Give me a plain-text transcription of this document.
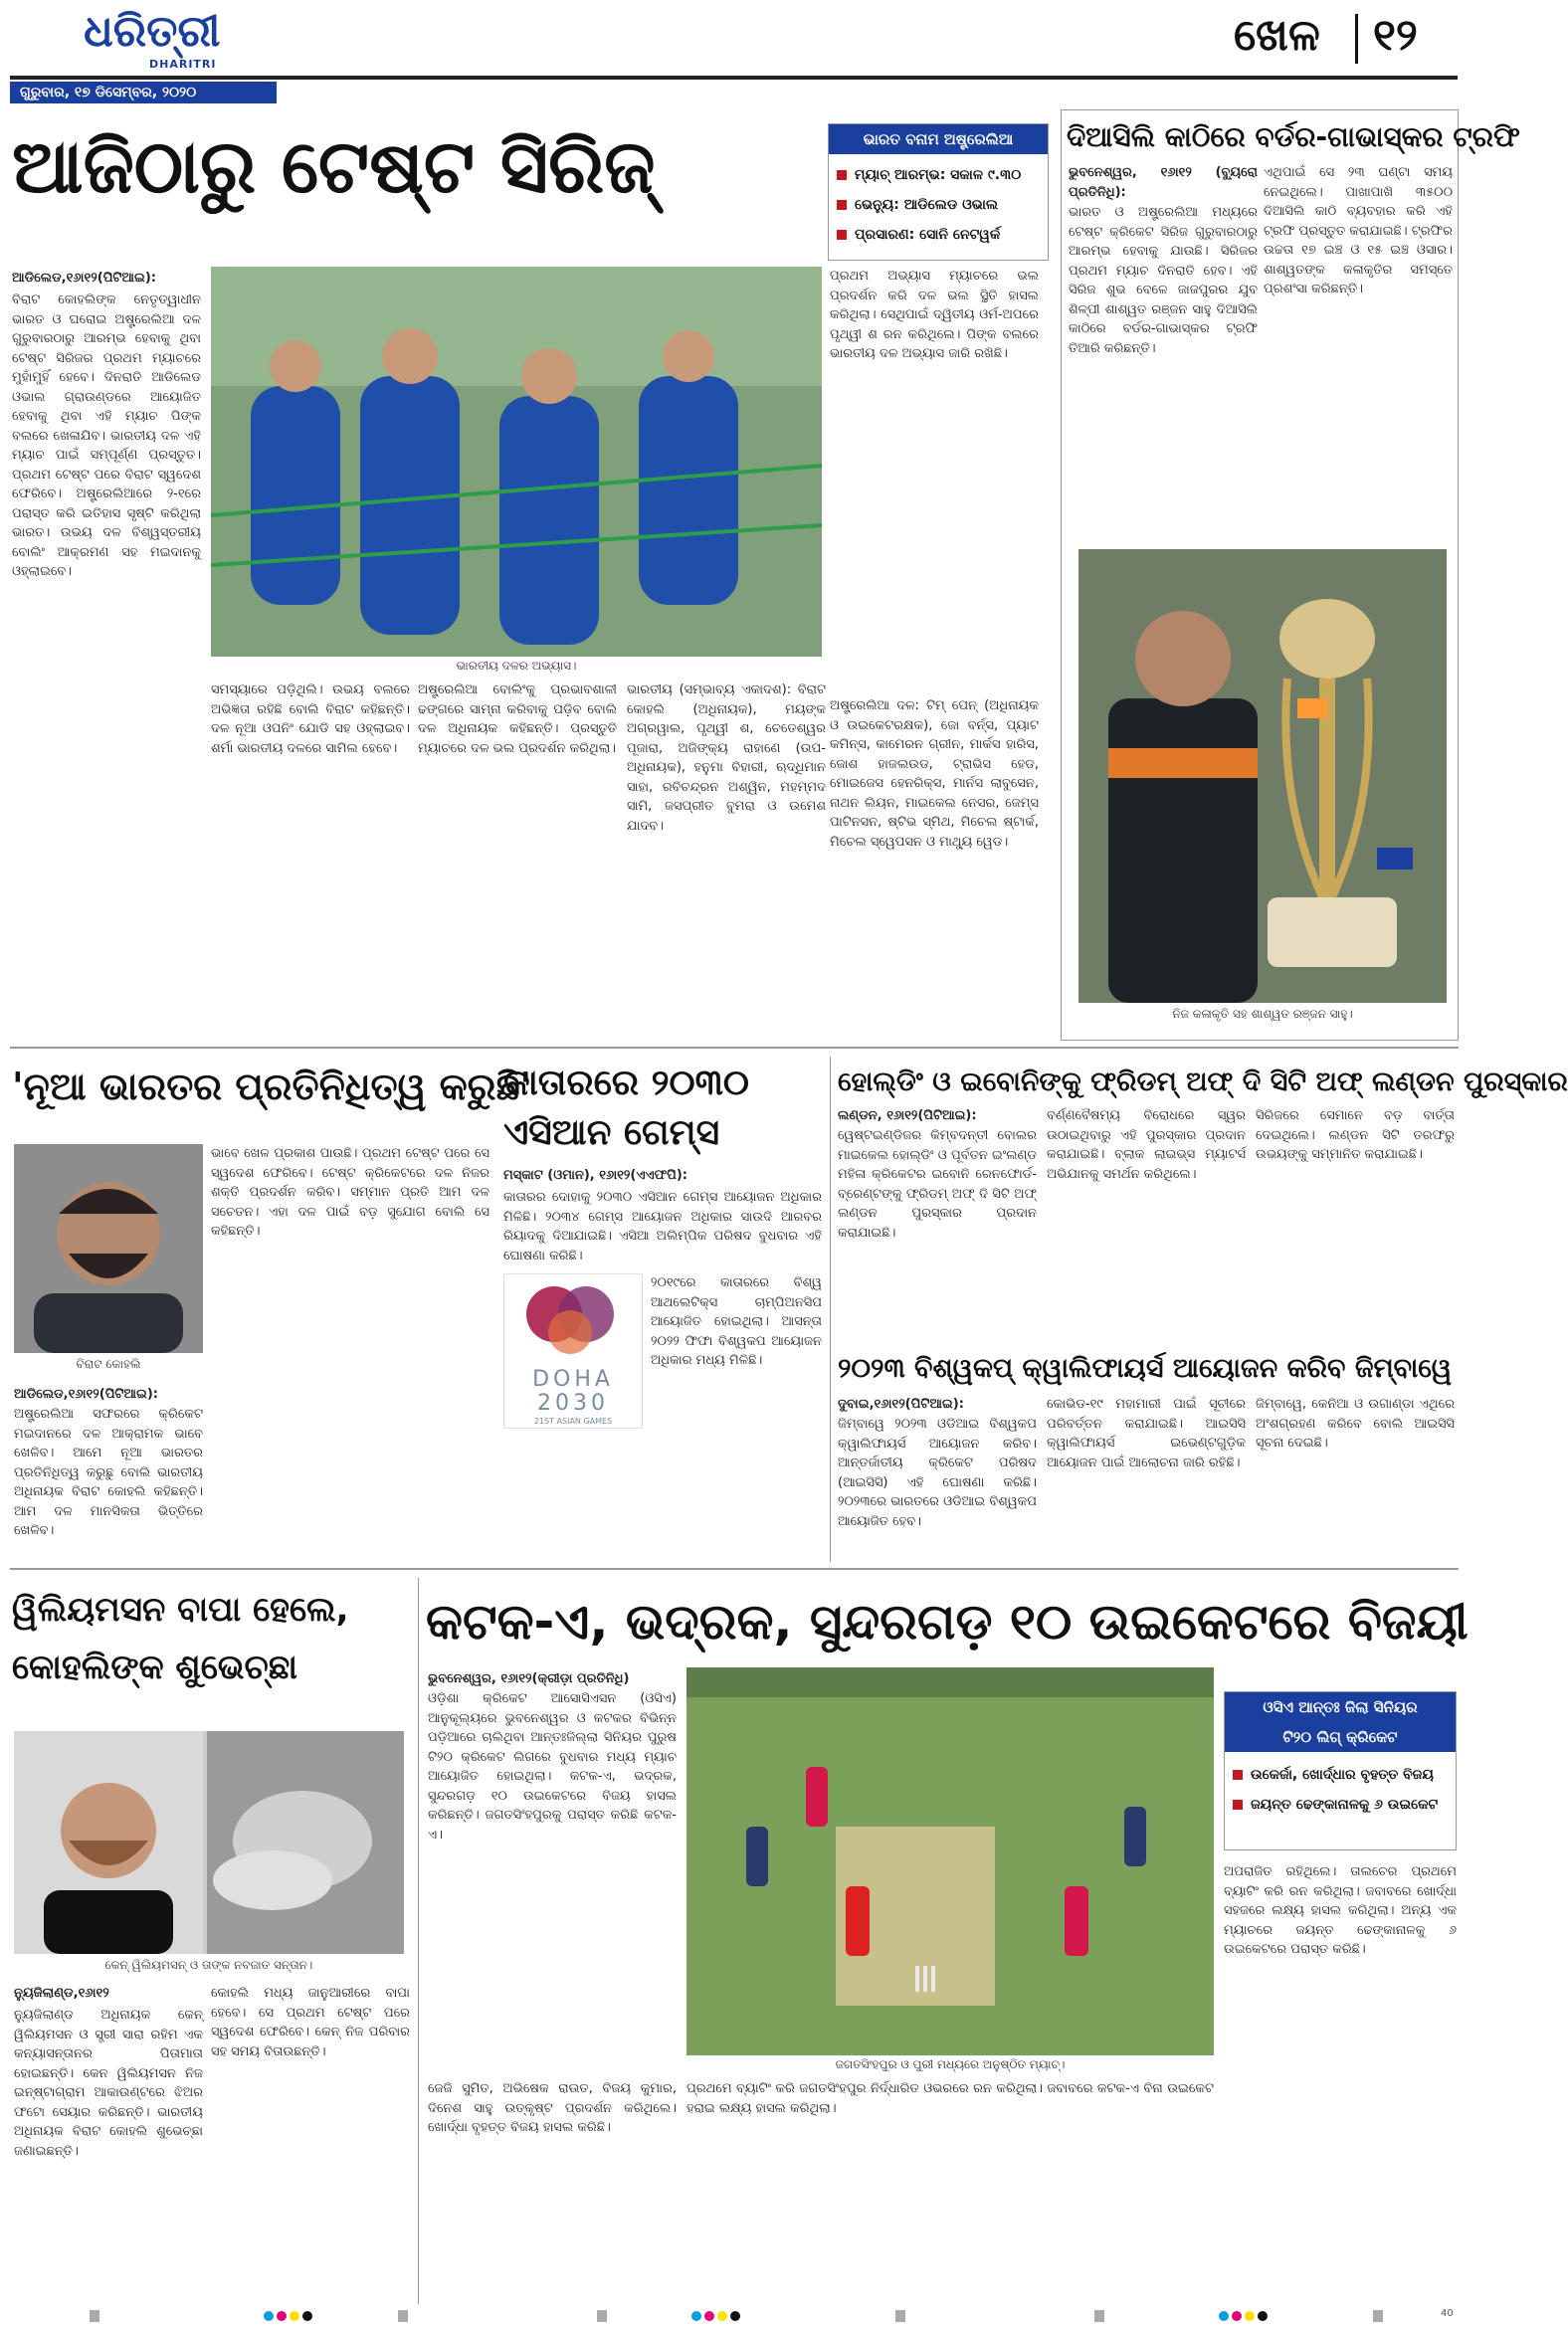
ଧରିତ୍ରୀ
DHARITRI
ଗୁରୁବାର, ୧୭ ଡିସେମ୍ବର, ୨୦୨୦
ଖେଳ ୧୨
ଆଜିଠାରୁ ଟେଷ୍ଟ ସିରିଜ୍	ଭାରତ ବନାମ ଅଷ୍ଟ୍ରେଲିଆ
ମ୍ୟାଚ୍ ଆରମ୍ଭ: ସକାଳ ୯.୩୦
ଭେନ୍ୟୁ: ଆଡିଲେଡ ଓଭାଲ
ପ୍ରସାରଣ: ସୋନି ନେଟୱର୍କ
ଆଡିଲେଡ,୧୬ା୧୨(ପିଟିଆଇ):
ବିରାଟ କୋହଲିଙ୍କ ନେତୃତ୍ୱାଧୀନ ଭାରତ ଓ ଘରୋଇ ଅଷ୍ଟ୍ରେଲିଆ ଦଳ ଗୁରୁବାରଠାରୁ ଆରମ୍ଭ ହେବାକୁ ଥିବା ଟେଷ୍ଟ ସିରିଜର ପ୍ରଥମ ମ୍ୟାଚରେ ମୁହାଁମୁହିଁ ହେବେ। ଦିନରାତି ଆଡିଲେଡ ଓଭାଲ ଗ୍ରାଉଣ୍ଡରେ ଆୟୋଜିତ ହେବାକୁ ଥିବା ଏହି ମ୍ୟାଚ ପିଙ୍କ ବଲରେ ଖେଳାଯିବ। ଭାରତୀୟ ଦଳ ଏହି ମ୍ୟାଚ ପାଇଁ ସମ୍ପୂର୍ଣ୍ଣ ପ୍ରସ୍ତୁତ। ପ୍ରଥମ ଟେଷ୍ଟ ପରେ ବିରାଟ ସ୍ୱଦେଶ ଫେରିବେ। ଅଷ୍ଟ୍ରେଲିଆରେ ୨-୧ରେ ପରାସ୍ତ କରି ଇତିହାସ ସୃଷ୍ଟି କରିଥିଲା ଭାରତ। ଉଭୟ ଦଳ ବିଶ୍ୱସ୍ତରୀୟ ବୋଲିଂ ଆକ୍ରମଣ ସହ ମଇଦାନକୁ ଓହ୍ଲାଇବେ।
ଭାରତୀୟ ଦଳର ଅଭ୍ୟାସ।
ସମସ୍ୟାରେ ପଡ଼ିଥିଲି। ଉଭୟ ବଲରେ ଅଭିଜ୍ଞତା ରହିଛି ବୋଲି ବିରାଟ କହିଛନ୍ତି। ଦଳ ନୂଆ ଓପନିଂ ଯୋଡି ସହ ଓହ୍ଲାଇବ। ଶର୍ମା ଭାରତୀୟ ଦଳରେ ସାମିଲ ହେବେ।
ଅଷ୍ଟ୍ରେଲିଆ ବୋଲିଂକୁ ପ୍ରଭାବଶାଳୀ ଢଙ୍ଗରେ ସାମ୍ନା କରିବାକୁ ପଡ଼ିବ ବୋଲି ଦଳ ଅଧିନାୟକ କହିଛନ୍ତି। ପ୍ରସ୍ତୁତି ମ୍ୟାଚରେ ଦଳ ଭଲ ପ୍ରଦର୍ଶନ କରିଥିଲା।
ପ୍ରଥମ ଅଭ୍ୟାସ ମ୍ୟାଚରେ ଭଲ ପ୍ରଦର୍ଶନ କରି ଦଳ ଭଲ ସ୍ଥିତି ହାସଲ କରିଥିଲା। ସେଥିପାଇଁ ଦ୍ୱିତୀୟ ଓର୍ମ-ଅପରେ ପୃଥ୍ୱୀ ଶ ରନ କରିଥିଲେ। ପିଙ୍କ ବଲରେ ଭାରତୀୟ ଦଳ ଅଭ୍ୟାସ ଜାରି ରଖିଛି।
ଭାରତୀୟ (ସମ୍ଭାବ୍ୟ ଏକାଦଶ): ବିରାଟ କୋହଲି (ଅଧିନାୟକ), ମୟଙ୍କ ଅଗ୍ରୱାଲ, ପୃଥ୍ୱୀ ଶ, ଚେତେଶ୍ୱର ପୂଜାରା, ଅଜିଙ୍କ୍ୟ ରାହାଣେ (ଉପ-ଅଧିନାୟକ), ହନୁମା ବିହାରୀ, ଋଦ୍ଧିମାନ ସାହା, ରବିଚନ୍ଦ୍ରନ ଅଶ୍ୱିନ, ମହମ୍ମଦ ସାମି, ଜସପ୍ରୀତ ବୁମରା ଓ ଉମେଶ ଯାଦବ।
ଅଷ୍ଟ୍ରେଲିଆ ଦଳ: ଟିମ୍ ପେନ୍ (ଅଧିନାୟକ ଓ ଉଇକେଟରକ୍ଷକ), ଜୋ ବର୍ନ୍ସ, ପ୍ୟାଟ କମିନ୍ସ, କାମେରନ ଗ୍ରୀନ, ମାର୍କସ ହାରିସ, ଜୋଶ ହାଜଲଉଡ, ଟ୍ରାଭିସ ହେଡ, ମୋଇଜେସ ହେନରିକ୍ସ, ମାର୍ନସ ଲାବୁସେନ, ନାଥନ ଲିୟନ, ମାଇକେଲ ନେସର, ଜେମ୍ସ ପାଟିନସନ, ଷ୍ଟିଭ ସ୍ମିଥ, ମିଚେଲ ଷ୍ଟାର୍କ, ମିଚେଲ ସ୍ୱେପସନ ଓ ମାଥ୍ୟୁ ୱେଡ।
ଦିଆସିଲି କାଠିରେ ବର୍ଡର-ଗାଭାସ୍କର ଟ୍ରଫି
ଭୁବନେଶ୍ୱର, ୧୬ା୧୨ (ବ୍ୟୁରୋ ପ୍ରତିନିଧି):
ଭାରତ ଓ ଅଷ୍ଟ୍ରେଲିଆ ମଧ୍ୟରେ ଟେଷ୍ଟ କ୍ରିକେଟ ସିରିଜ ଗୁରୁବାରଠାରୁ ଆରମ୍ଭ ହେବାକୁ ଯାଉଛି। ସିରିଜର ପ୍ରଥମ ମ୍ୟାଚ ଦିନରାତି ହେବ। ଏହି ସିରିଜ ଶୁଭ ବେଳେ ଜାଜପୁରର ଯୁବ ଶିଳ୍ପୀ ଶାଶ୍ୱତ ରଞ୍ଜନ ସାହୁ ଦିଆସିଲି କାଠିରେ ବର୍ଡର-ଗାଭାସ୍କର ଟ୍ରଫି ତିଆରି କରିଛନ୍ତି।
ଏଥିପାଇଁ ସେ ୨୩ ଘଣ୍ଟା ସମୟ ନେଇଥିଲେ। ପାଖାପାଖି ୩୫୦୦ ଦିଆସିଲି କାଠି ବ୍ୟବହାର କରି ଏହି ଟ୍ରଫି ପ୍ରସ୍ତୁତ କରାଯାଇଛି। ଟ୍ରଫିର ଉଚ୍ଚତା ୧୭ ଇଞ୍ଚ ଓ ୧୫ ଇଞ୍ଚ ଓସାର। ଶାଶ୍ୱତଙ୍କ କଳାକୃତିର ସମସ୍ତେ ପ୍ରଶଂସା କରିଛନ୍ତି।
ନିଜ କଳାକୃତି ସହ ଶାଶ୍ୱତ ରଞ୍ଜନ ସାହୁ।
'ନୂଆ ଭାରତର ପ୍ରତିନିଧିତ୍ୱ କରୁଛି'
ବିରାଟ କୋହଲି
ଆଡିଲେଡ,୧୬ା୧୨(ପିଟିଆଇ):
ଅଷ୍ଟ୍ରେଲିଆ ସଫରରେ କ୍ରିକେଟ ମଇଦାନରେ ଦଳ ଆକ୍ରାମକ ଭାବେ ଖେଳିବ। ଆମେ ନୂଆ ଭାରତର ପ୍ରତିନିଧିତ୍ୱ କରୁଛୁ ବୋଲି ଭାରତୀୟ ଅଧିନାୟକ ବିରାଟ କୋହଲି କହିଛନ୍ତି। ଆମ ଦଳ ମାନସିକତା ଭିତ୍ତିରେ ଖେଳିବ।
ଭାବେ ଖେଳ ପ୍ରକାଶ ପାଉଛି। ପ୍ରଥମ ଟେଷ୍ଟ ପରେ ସେ ସ୍ୱଦେଶ ଫେରିବେ। ଟେଷ୍ଟ କ୍ରିକେଟରେ ଦଳ ନିଜର ଶକ୍ତି ପ୍ରଦର୍ଶନ କରିବ। ସମ୍ମାନ ପ୍ରତି ଆମ ଦଳ ସଚେତନ। ଏହା ଦଳ ପାଇଁ ବଡ଼ ସୁଯୋଗ ବୋଲି ସେ କହିଛନ୍ତି।
କାତାରରେ ୨୦୩୦
ଏସିଆନ ଗେମ୍ସ
ମସ୍କାଟ (ଓମାନ), ୧୬ା୧୨(ଏଏଫପି):
କାତାରର ଦୋହାକୁ ୨୦୩୦ ଏସିଆନ ଗେମ୍ସ ଆୟୋଜନ ଅଧିକାର ମିଳିଛି। ୨୦୩୪ ଗେମ୍ସ ଆୟୋଜନ ଅଧିକାର ସାଉଦି ଆରବର ରିୟାଦକୁ ଦିଆଯାଇଛି। ଏସିଆ ଅଲିମ୍ପିକ ପରିଷଦ ବୁଧବାର ଏହି ଘୋଷଣା କରିଛି।
DOHA
2030
21ST ASIAN GAMES
୨୦୧୯ରେ କାତାରରେ ବିଶ୍ୱ ଆଥଲେଟିକ୍ସ ଚାମ୍ପିଅନସିପ ଆୟୋଜିତ ହୋଇଥିଲା। ଆସନ୍ତା ୨୦୨୨ ଫିଫା ବିଶ୍ୱକପ ଆୟୋଜନ ଅଧିକାର ମଧ୍ୟ ମିଳିଛି।
ହୋଲ୍ଡିଂ ଓ ଇବୋନିଙ୍କୁ ଫ୍ରିଡମ୍ ଅଫ୍ ଦି ସିଟି ଅଫ୍ ଲଣ୍ଡନ ପୁରସ୍କାର
ଲଣ୍ଡନ, ୧୬ା୧୨(ପିଟିଆଇ):
ୱେଷ୍ଟଇଣ୍ଡିଜର କିମ୍ବଦନ୍ତୀ ବୋଲର ମାଇକେଲ ହୋଲ୍ଡିଂ ଓ ପୂର୍ବତନ ଇଂଲଣ୍ଡ ମହିଳା କ୍ରିକେଟର ଇବୋନି ରେନଫୋର୍ଡ-ବ୍ରେଣ୍ଟଙ୍କୁ ଫ୍ରିଡମ୍ ଅଫ୍ ଦି ସିଟି ଅଫ୍ ଲଣ୍ଡନ ପୁରସ୍କାର ପ୍ରଦାନ କରାଯାଇଛି।
ବର୍ଣ୍ଣବୈଷମ୍ୟ ବିରୋଧରେ ସ୍ୱର ଉଠାଇଥିବାରୁ ଏହି ପୁରସ୍କାର ପ୍ରଦାନ କରାଯାଇଛି। ବ୍ଲାକ ଲାଇଭ୍ସ ମ୍ୟାଟର୍ସ ଅଭିଯାନକୁ ସମର୍ଥନ କରିଥିଲେ।
ସିରିଜରେ ସେମାନେ ବଡ଼ ବାର୍ତ୍ତା ଦେଇଥିଲେ। ଲଣ୍ଡନ ସିଟି ତରଫରୁ ଉଭୟଙ୍କୁ ସମ୍ମାନିତ କରାଯାଇଛି।
୨୦୨୩ ବିଶ୍ୱକପ୍ କ୍ୱାଲିଫାୟର୍ସ ଆୟୋଜନ କରିବ ଜିମ୍ବାୱେ
ଦୁବାଇ,୧୬ା୧୨(ପିଟିଆଇ):
ଜିମ୍ବାୱେ ୨୦୨୩ ଓଡିଆଇ ବିଶ୍ୱକପ କ୍ୱାଲିଫାୟର୍ସ ଆୟୋଜନ କରିବ। ଆନ୍ତର୍ଜାତୀୟ କ୍ରିକେଟ ପରିଷଦ (ଆଇସିସି) ଏହି ଘୋଷଣା କରିଛି। ୨୦୨୩ରେ ଭାରତରେ ଓଡିଆଇ ବିଶ୍ୱକପ ଆୟୋଜିତ ହେବ।
କୋଭିଡ-୧୯ ମହାମାରୀ ପାଇଁ ସୂଚୀରେ ପରିବର୍ତ୍ତନ କରାଯାଇଛି। ଆଇସିସି କ୍ୱାଲିଫାୟର୍ସ ଇଭେଣ୍ଟଗୁଡ଼ିକ ଆୟୋଜନ ପାଇଁ ଆଲୋଚନା ଜାରି ରହିଛି।
ଜିମ୍ବାୱେ, କେନିଆ ଓ ଉଗାଣ୍ଡା ଏଥିରେ ଅଂଶଗ୍ରହଣ କରିବେ ବୋଲି ଆଇସିସି ସୂଚନା ଦେଇଛି।
ୱିଲିୟମସନ ବାପା ହେଲେ,
କୋହଲିଙ୍କ ଶୁଭେଚ୍ଛା
କେନ୍ ୱିଲିୟମସନ୍ ଓ ତାଙ୍କ ନବଜାତ ସନ୍ତାନ।
ନ୍ୟୁଜିଲାଣ୍ଡ,୧୬ା୧୨
ନ୍ୟୁଜିଲାଣ୍ଡ ଅଧିନାୟକ କେନ୍ ୱିଲିୟମସନ ଓ ସ୍ତ୍ରୀ ସାରା ରହିମ ଏକ କନ୍ୟାସନ୍ତାନର ପିତାମାତା ହୋଇଛନ୍ତି। କେନ ୱିଲିୟମସନ ନିଜ ଇନ୍ଷ୍ଟାଗ୍ରାମ ଆକାଉଣ୍ଟରେ ଝିଅର ଫଟୋ ସେୟାର କରିଛନ୍ତି। ଭାରତୀୟ ଅଧିନାୟକ ବିରାଟ କୋହଲି ଶୁଭେଚ୍ଛା ଜଣାଇଛନ୍ତି।
କୋହଲି ମଧ୍ୟ ଜାନୁଆରୀରେ ବାପା ହେବେ। ସେ ପ୍ରଥମ ଟେଷ୍ଟ ପରେ ସ୍ୱଦେଶ ଫେରିବେ। କେନ୍ ନିଜ ପରିବାର ସହ ସମୟ ବିତାଉଛନ୍ତି।
କଟକ-ଏ, ଭଦ୍ରକ, ସୁନ୍ଦରଗଡ଼ ୧୦ ଉଇକେଟରେ ବିଜୟୀ
ଭୁବନେଶ୍ୱର, ୧୬ା୧୨(କ୍ରୀଡ଼ା ପ୍ରତିନିଧି)
ଓଡ଼ିଶା କ୍ରିକେଟ ଆସୋସିଏସନ (ଓସିଏ) ଆନୁକୂଲ୍ୟରେ ଭୁବନେଶ୍ୱର ଓ କଟକର ବିଭିନ୍ନ ପଡ଼ିଆରେ ଚାଲିଥିବା ଆନ୍ତଃଜିଲ୍ଲା ସିନିୟର ପୁରୁଷ ଟି୨୦ କ୍ରିକେଟ ଲିଗରେ ବୁଧବାର ମଧ୍ୟ ମ୍ୟାଚ ଆୟୋଜିତ ହୋଇଥିଲା। କଟକ-ଏ, ଭଦ୍ରକ, ସୁନ୍ଦରଗଡ଼ ୧୦ ଉଇକେଟରେ ବିଜୟ ହାସଲ କରିଛନ୍ତି। ଜଗତସିଂହପୁରକୁ ପରାସ୍ତ କରିଛି କଟକ-ଏ।
ଜଗତସିଂହପୁର ଓ ପୁରୀ ମଧ୍ୟରେ ଅନୁଷ୍ଠିତ ମ୍ୟାଚ୍।
ଜେଜି ସୁମିତ, ଅଭିଷେକ ରାଉତ, ବିଜୟ କୁମାର, ଦିନେଶ ସାହୁ ଉତ୍କୃଷ୍ଟ ପ୍ରଦର୍ଶନ କରିଥିଲେ। ଖୋର୍ଦ୍ଧା ବୃହତ୍ତ ବିଜୟ ହାସଲ କରିଛି।
ପ୍ରଥମେ ବ୍ୟାଟିଂ କରି ଜଗତସିଂହପୁର ନିର୍ଦ୍ଧାରିତ ଓଭରରେ ରନ କରିଥିଲା। ଜବାବରେ କଟକ-ଏ ବିନା ଉଇକେଟ ହରାଇ ଲକ୍ଷ୍ୟ ହାସଲ କରିଥିଲା।
ଓସିଏ ଆନ୍ତଃ ଜିଲା ସିନିୟର
ଟି୨୦ ଲିଗ୍ କ୍ରିକେଟ
ଉକେର୍ଜା, ଖୋର୍ଦ୍ଧାର ବୃହତ୍ତ ବିଜୟ
ଜୟନ୍ତ ଢେଙ୍କାନାଳକୁ ୬ ଉଇକେଟ
ଅପରାଜିତ ରହିଥିଲେ। ତାଲଚେର ପ୍ରଥମେ ବ୍ୟାଟିଂ କରି ରନ କରିଥିଲା। ଜବାବରେ ଖୋର୍ଦ୍ଧା ସହଜରେ ଲକ୍ଷ୍ୟ ହାସଲ କରିଥିଲା। ଅନ୍ୟ ଏକ ମ୍ୟାଚରେ ଜୟନ୍ତ ଢେଙ୍କାନାଳକୁ ୬ ଉଇକେଟରେ ପରାସ୍ତ କରିଛି।
40
